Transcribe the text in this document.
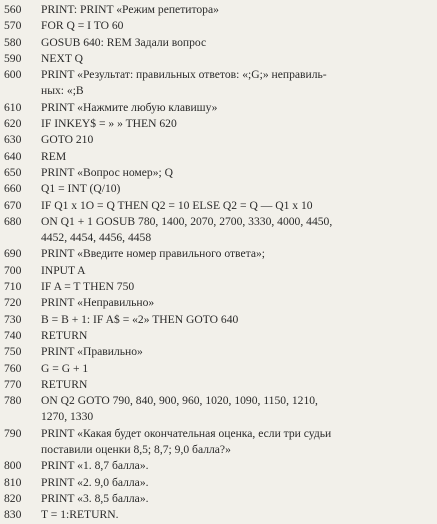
560	PRINT: PRINT «Режим репетитора»
570	FOR Q = I TO 60
580	GOSUB 640: REM Задали вопрос
590	NEXT Q
600	PRINT «Результат: правильных ответов: «;G;» неправиль-
ных: «;B
610	PRINT «Нажмите любую клавишу»
620	IF INKEY$ = » » THEN 620
630	GOTO 210
640	REM
650	PRINT «Вопрос номер»; Q
660	Q1 = INT (Q/10)
670	IF Q1 x 1O = Q THEN Q2 = 10 ELSE Q2 = Q — Q1 x 10
680	ON Q1 + 1 GOSUB 780, 1400, 2070, 2700, 3330, 4000, 4450,
4452, 4454, 4456, 4458
690	PRINT «Введите номер правильного ответа»;
700	INPUT A
710	IF A = T THEN 750
720	PRINT «Неправильно»
730	B = B + 1: IF A$ = «2» THEN GOTO 640
740	RETURN
750	PRINT «Правильно»
760	G = G + 1
770	RETURN
780	ON Q2 GOTO 790, 840, 900, 960, 1020, 1090, 1150, 1210,
1270, 1330
790	PRINT «Какая будет окончательная оценка, если три судьи
поставили оценки 8,5; 8,7; 9,0 балла?»
800	PRINT «1. 8,7 балла».
810	PRINT «2. 9,0 балла».
820	PRINT «3. 8,5 балла».
830	T = 1:RETURN.
